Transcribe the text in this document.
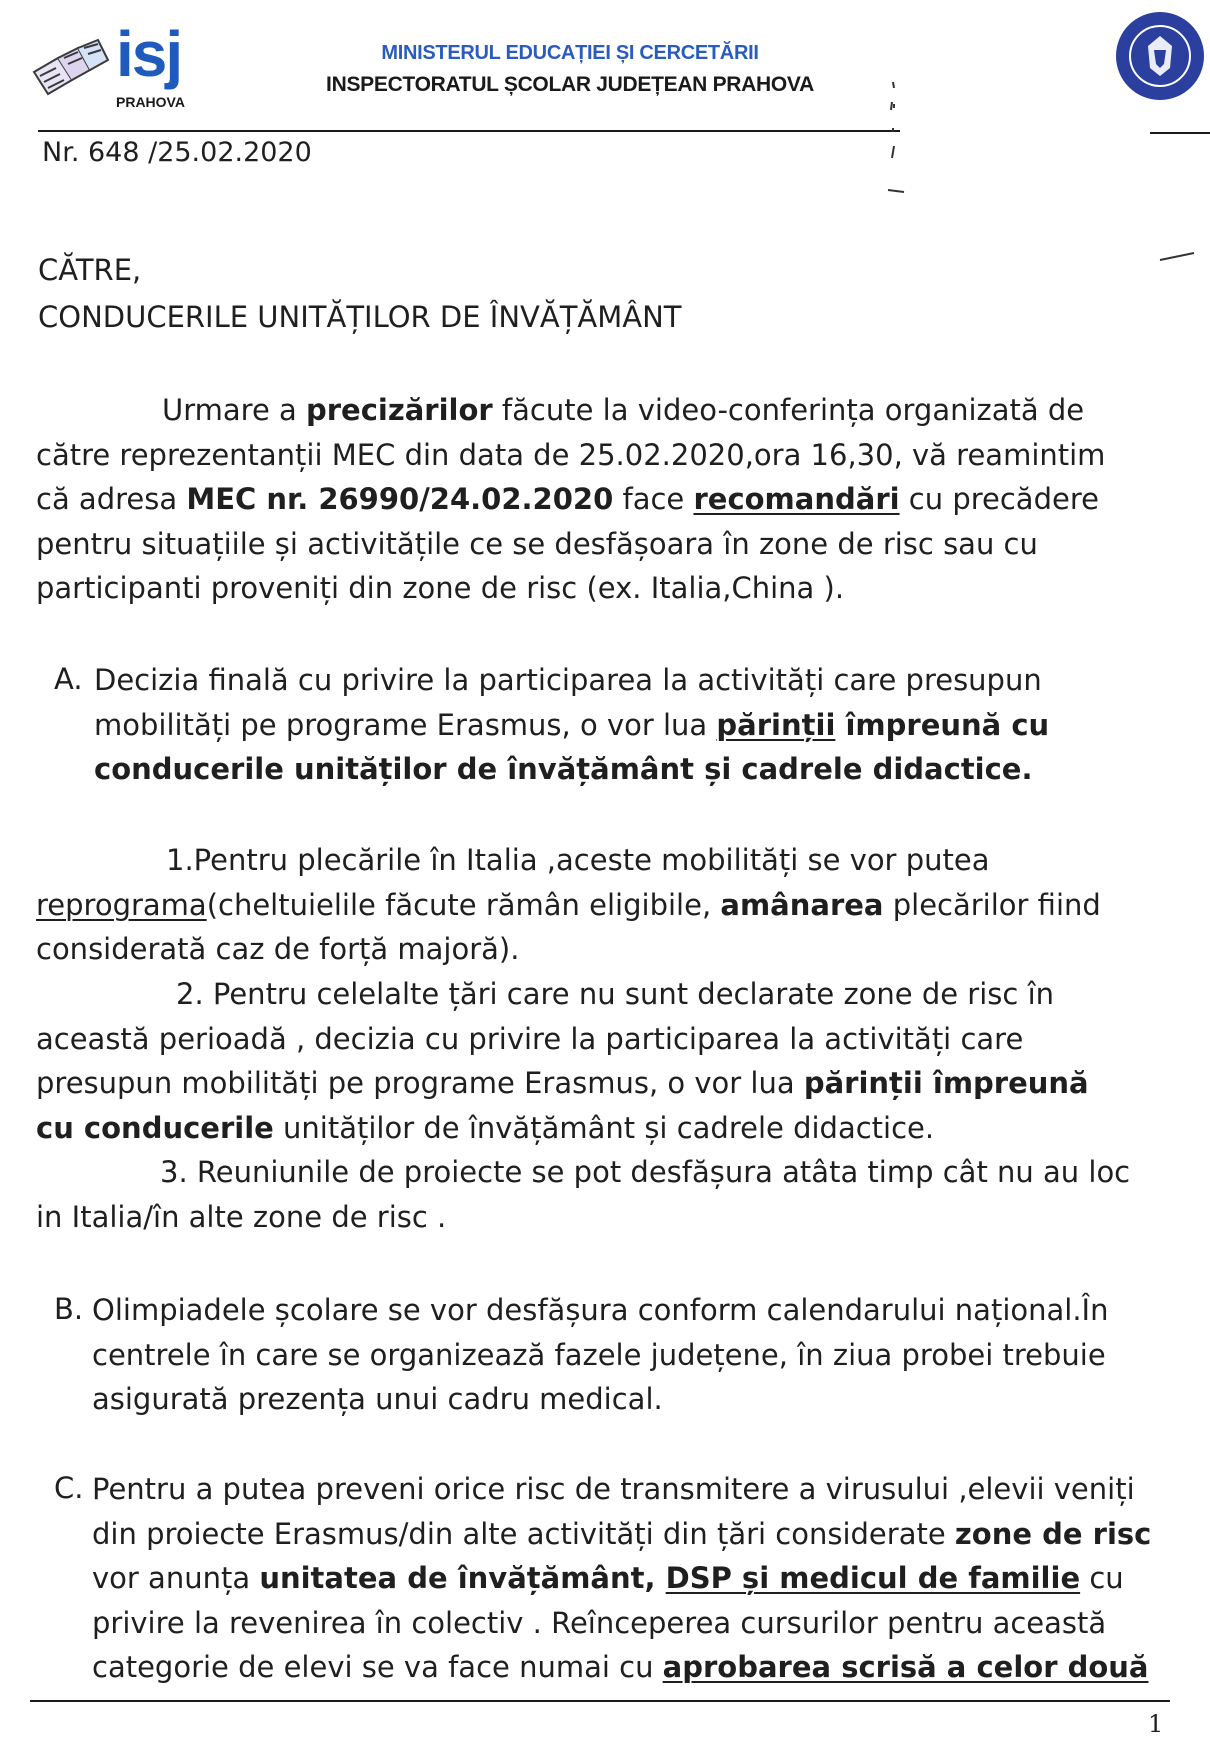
isj
PRAHOVA
MINISTERUL EDUCAȚIEI ȘI CERCETĂRII
INSPECTORATUL ȘCOLAR JUDEȚEAN PRAHOVA
Nr. 648 /25.02.2020
CĂTRE,
CONDUCERILE UNITĂȚILOR DE ÎNVĂȚĂMÂNT

Urmare a precizărilor făcute la video-conferința organizată de către reprezentanții MEC din data de 25.02.2020,ora 16,30, vă reamintim că adresa MEC nr. 26990/24.02.2020 face recomandări cu precădere pentru situațiile și activitățile ce se desfășoara în zone de risc sau cu participanti proveniți din zone de risc (ex. Italia,China ).

A. Decizia finală cu privire la participarea la activități care presupun mobilități pe programe Erasmus, o vor lua părinții împreună cu conducerile unităților de învățământ și cadrele didactice.

1.Pentru plecările în Italia ,aceste mobilități se vor putea reprograma(cheltuielile făcute rămân eligibile, amânarea plecărilor fiind considerată caz de forță majoră).

2. Pentru celelalte țări care nu sunt declarate zone de risc în această perioadă , decizia cu privire la participarea la activități care presupun mobilități pe programe Erasmus, o vor lua părinții împreună cu conducerile unităților de învățământ și cadrele didactice.

3. Reuniunile de proiecte se pot desfășura atâta timp cât nu au loc in Italia/în alte zone de risc .

B. Olimpiadele școlare se vor desfășura conform calendarului național.În centrele în care se organizează fazele județene, în ziua probei trebuie asigurată prezența unui cadru medical.

C. Pentru a putea preveni orice risc de transmitere a virusului ,elevii veniți din proiecte Erasmus/din alte activități din țări considerate zone de risc vor anunța unitatea de învățământ, DSP și medicul de familie cu privire la revenirea în colectiv . Reînceperea cursurilor pentru această categorie de elevi se va face numai cu aprobarea scrisă a celor două

1
